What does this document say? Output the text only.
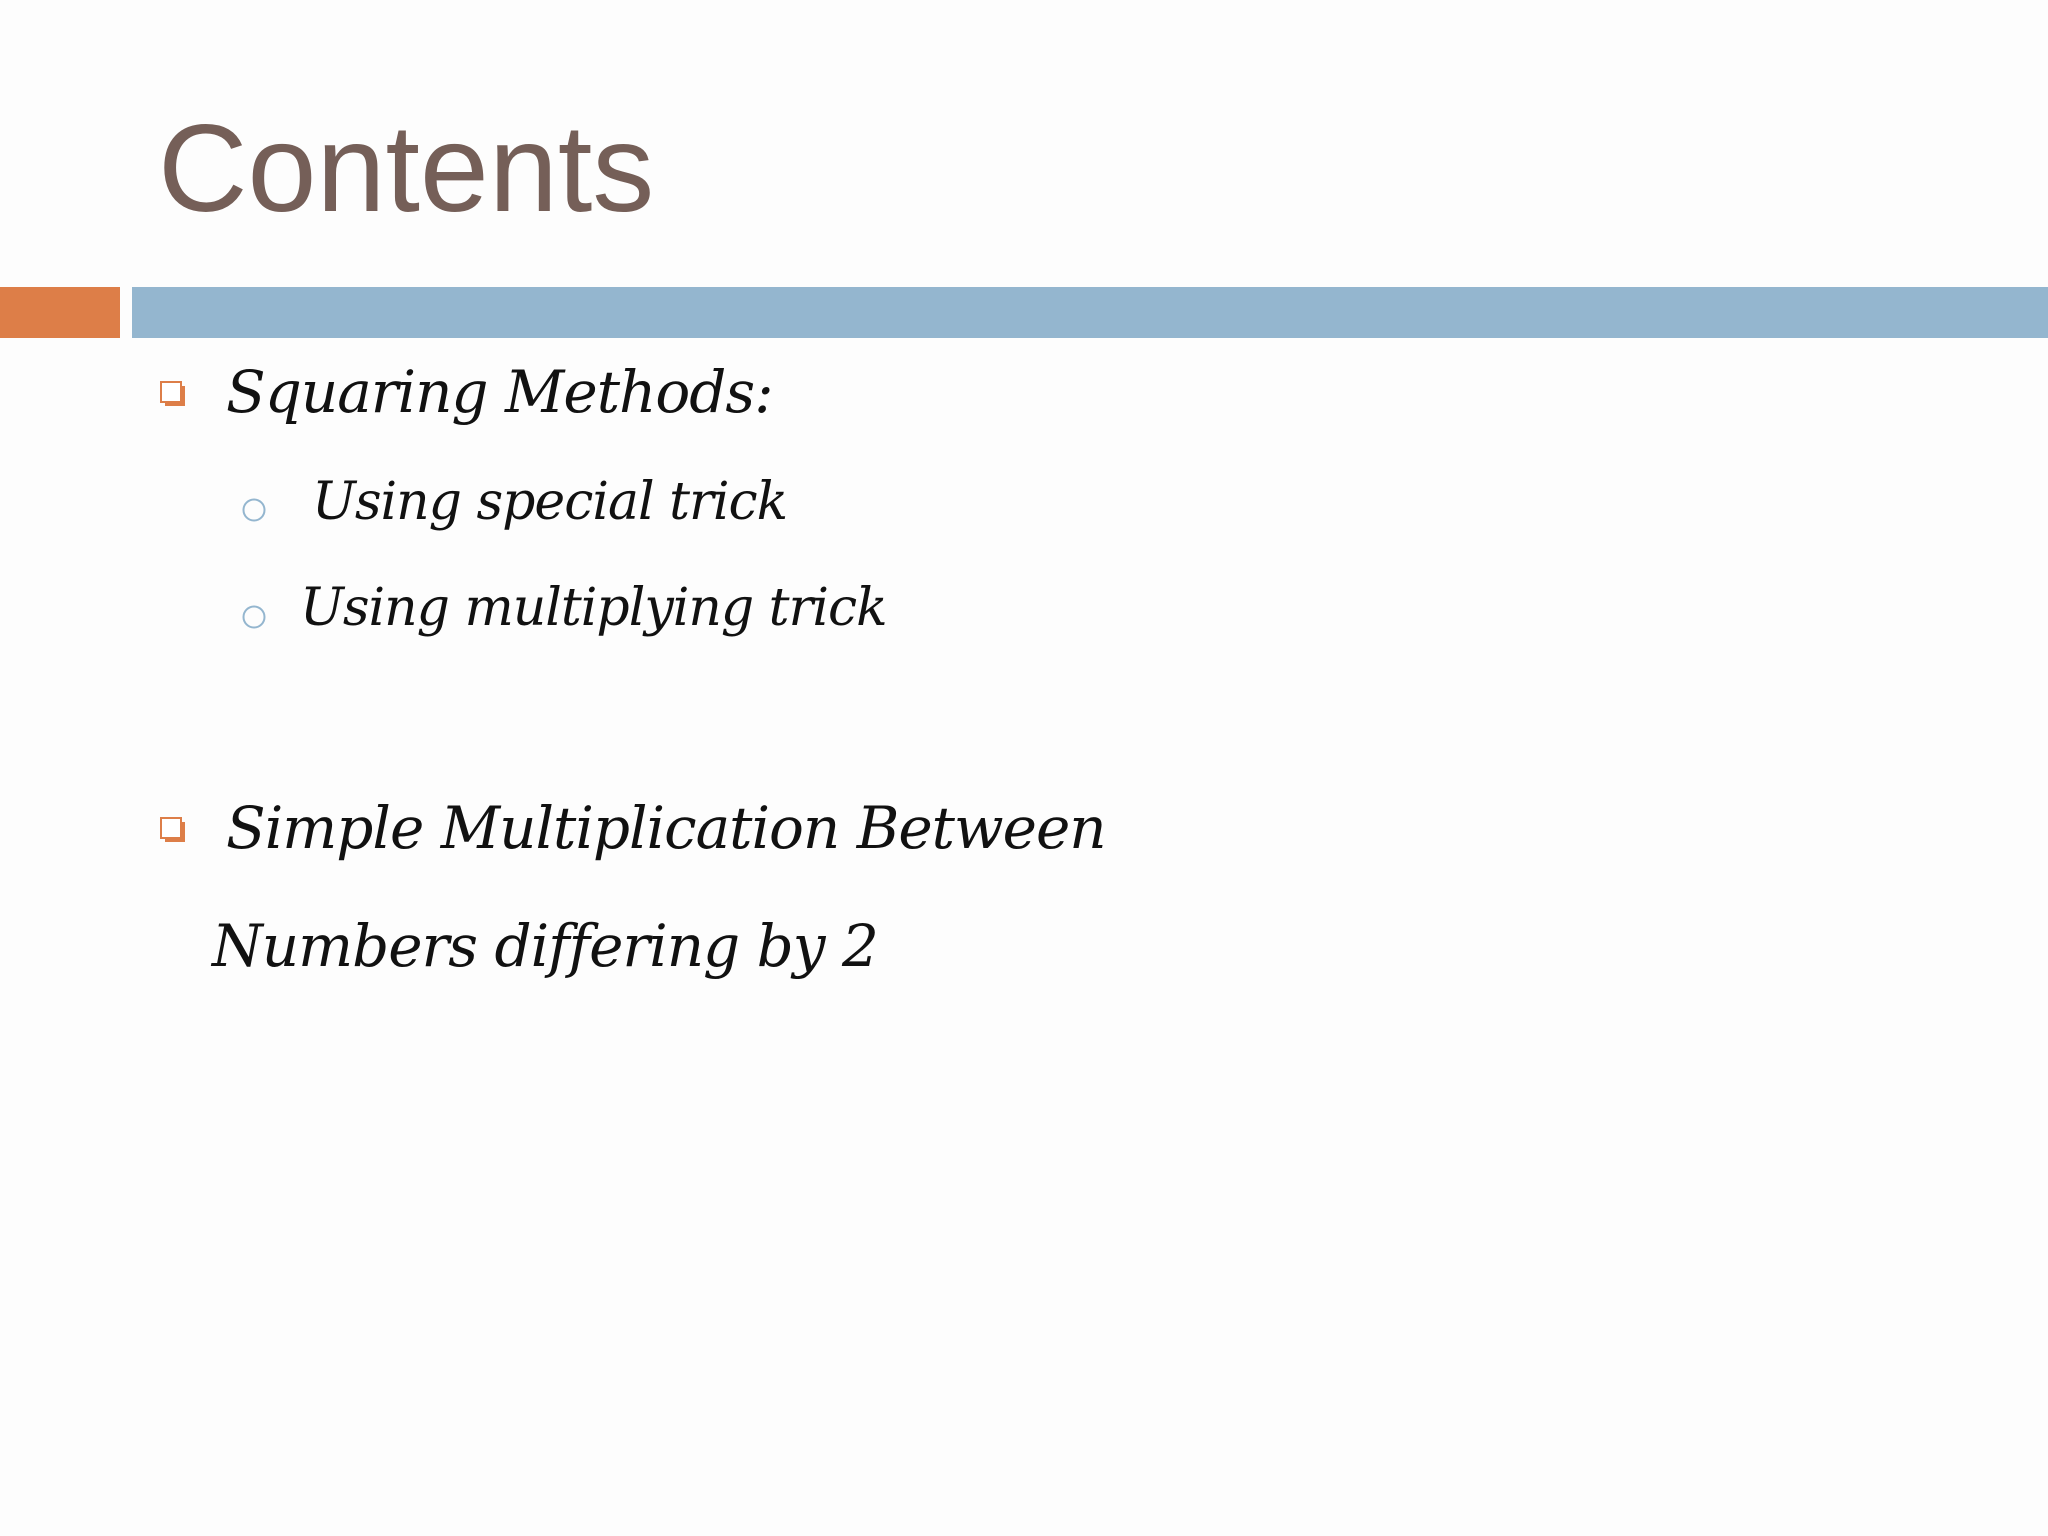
Contents
Squaring Methods:
Using special trick
Using multiplying trick
Simple Multiplication Between
Numbers differing by 2
